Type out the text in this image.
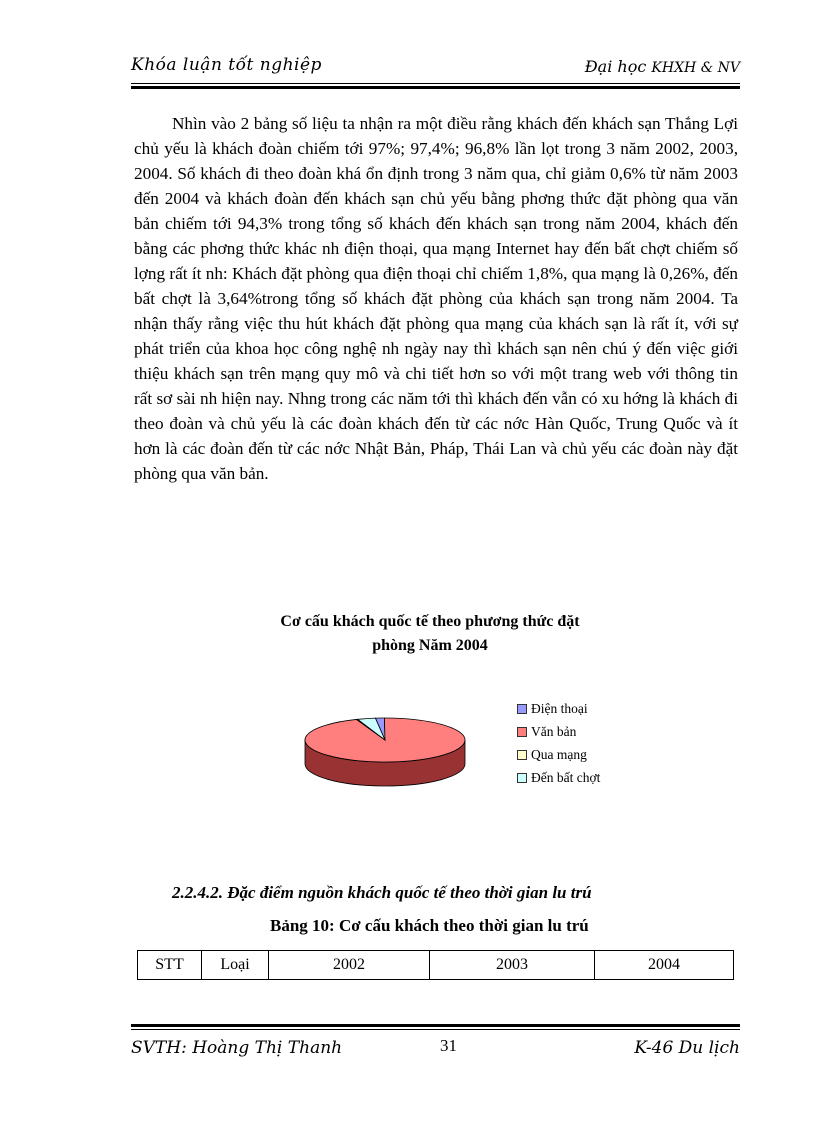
Khóa luận tốt nghiệp	Đại học KHXH & NV

Nhìn vào 2 bảng số liệu ta nhận ra một điều rằng khách đến khách sạn Thắng Lợi chủ yếu là khách đoàn chiếm tới 97%; 97,4%; 96,8% lần lọt trong 3 năm 2002, 2003, 2004. Số khách đi theo đoàn khá ổn định trong 3 năm qua, chỉ giảm 0,6% từ năm 2003 đến 2004 và khách đoàn đến khách sạn chủ yếu bằng phơng thức đặt phòng qua văn bản chiếm tới 94,3% trong tổng số khách đến khách sạn trong năm 2004, khách đến bằng các phơng thức khác nh điện thoại, qua mạng Internet hay đến bất chợt chiếm số lợng rất ít nh: Khách đặt phòng qua điện thoại chỉ chiếm 1,8%, qua mạng là 0,26%, đến bất chợt là 3,64%trong tổng số khách đặt phòng của khách sạn trong năm 2004. Ta nhận thấy rằng việc thu hút khách đặt phòng qua mạng của khách sạn là rất ít, với sự phát triển của khoa học công nghệ nh ngày nay thì khách sạn nên chú ý đến việc giới thiệu khách sạn trên mạng quy mô và chi tiết hơn so với một trang web với thông tin rất sơ sài nh hiện nay. Nhng trong các năm tới thì khách đến vẫn có xu hớng là khách đi theo đoàn và chủ yếu là các đoàn khách đến từ các nớc Hàn Quốc, Trung Quốc và ít hơn là các đoàn đến từ các nớc Nhật Bản, Pháp, Thái Lan và chủ yếu các đoàn này đặt phòng qua văn bản.

Cơ cấu khách quốc tế theo phương thức đặt
phòng Năm 2004
Điện thoại
Văn bản
Qua mạng
Đến bất chợt
2.2.4.2. Đặc điểm nguồn khách quốc tế theo thời gian lu trú
Bảng 10: Cơ cấu khách theo thời gian lu trú
STT	Loại	2002	2003	2004
SVTH: Hoàng Thị Thanh	31	K-46 Du lịch
